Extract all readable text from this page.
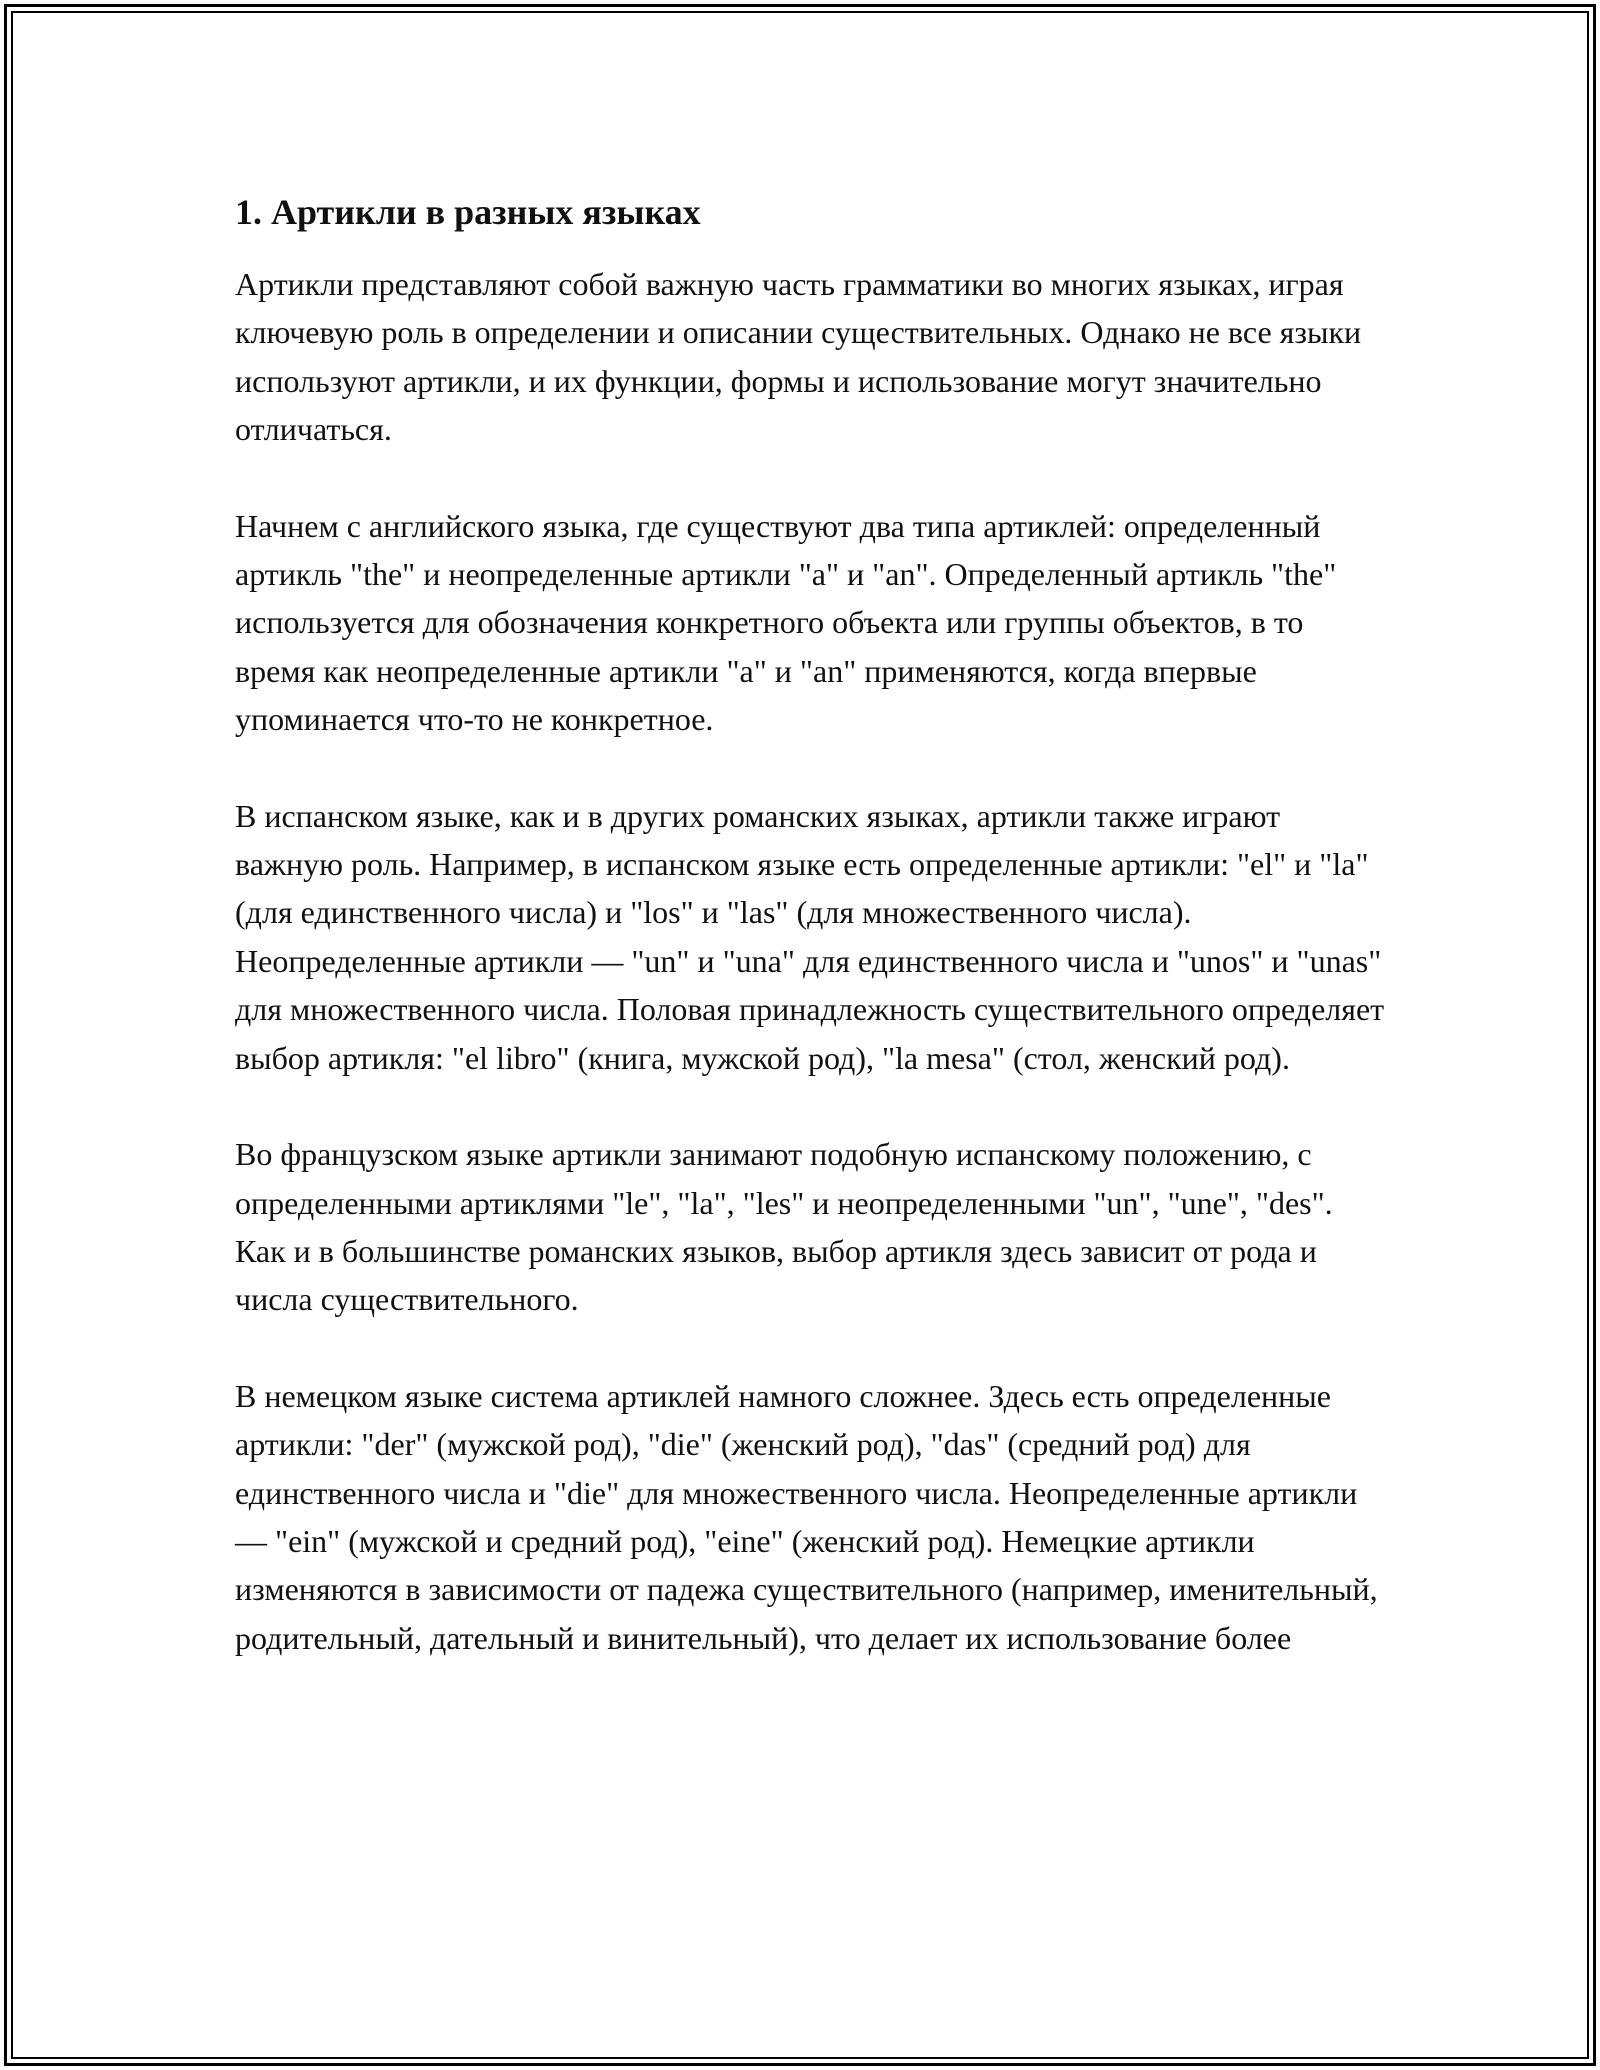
1. Артикли в разных языках

Артикли представляют собой важную часть грамматики во многих языках, играя ключевую роль в определении и описании существительных. Однако не все языки используют артикли, и их функции, формы и использование могут значительно отличаться.

Начнем с английского языка, где существуют два типа артиклей: определенный артикль "the" и неопределенные артикли "a" и "an". Определенный артикль "the" используется для обозначения конкретного объекта или группы объектов, в то время как неопределенные артикли "a" и "an" применяются, когда впервые упоминается что-то не конкретное.

В испанском языке, как и в других романских языках, артикли также играют важную роль. Например, в испанском языке есть определенные артикли: "el" и "la" (для единственного числа) и "los" и "las" (для множественного числа). Неопределенные артикли — "un" и "una" для единственного числа и "unos" и "unas" для множественного числа. Половая принадлежность существительного определяет выбор артикля: "el libro" (книга, мужской род), "la mesa" (стол, женский род).

Во французском языке артикли занимают подобную испанскому положению, с определенными артиклями "le", "la", "les" и неопределенными "un", "une", "des". Как и в большинстве романских языков, выбор артикля здесь зависит от рода и числа существительного.

В немецком языке система артиклей намного сложнее. Здесь есть определенные артикли: "der" (мужской род), "die" (женский род), "das" (средний род) для единственного числа и "die" для множественного числа. Неопределенные артикли — "ein" (мужской и средний род), "eine" (женский род). Немецкие артикли изменяются в зависимости от падежа существительного (например, именительный, родительный, дательный и винительный), что делает их использование более
